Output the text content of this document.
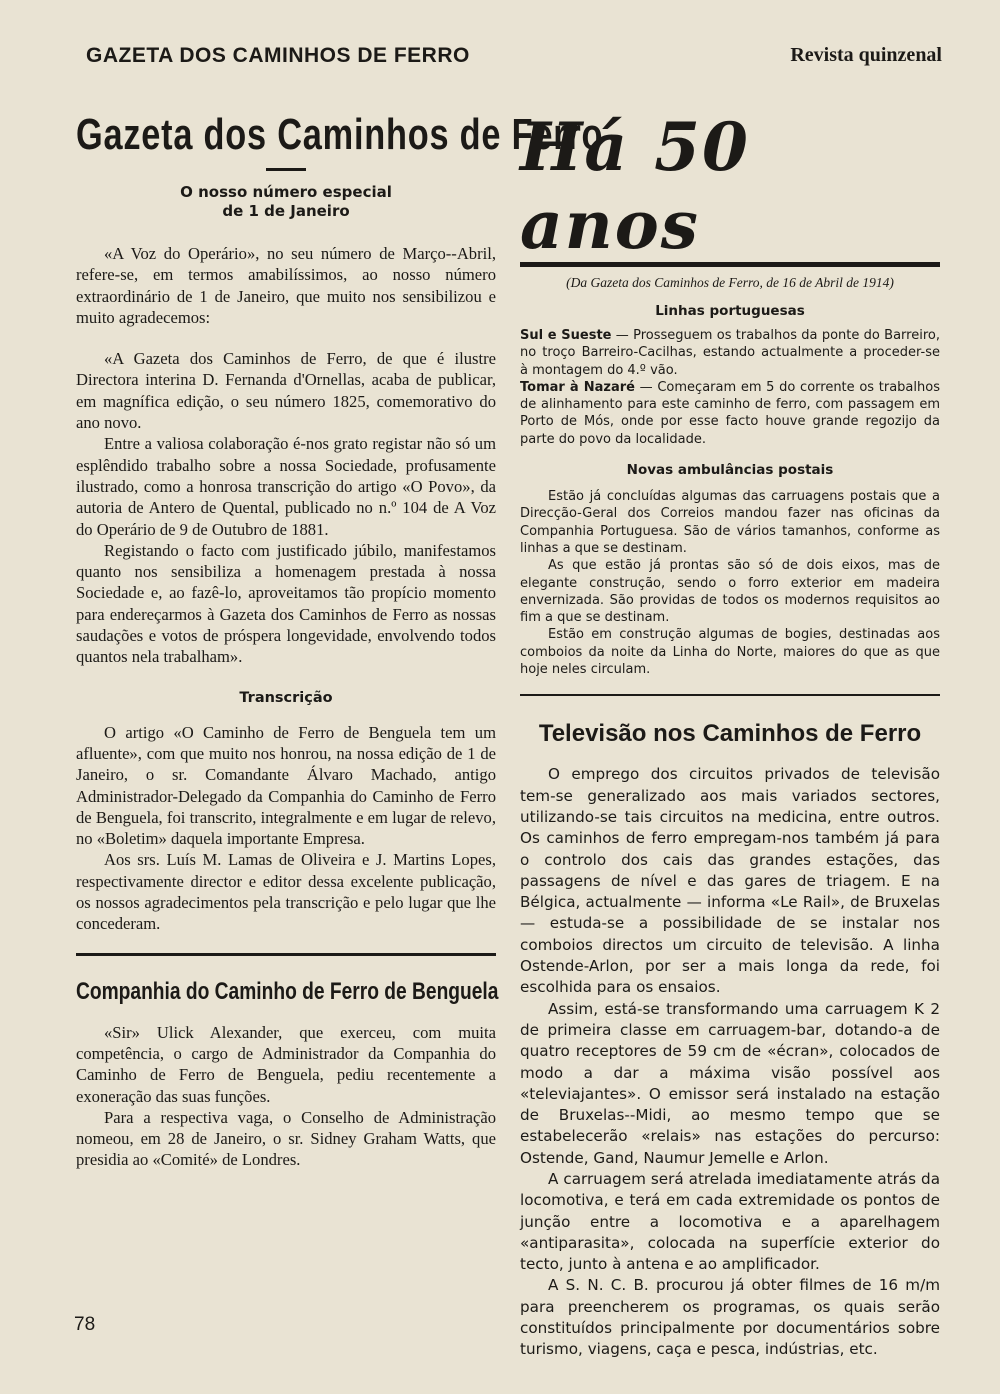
GAZETA DOS CAMINHOS DE FERRO	Revista quinzenal
Gazeta dos Caminhos de Ferro
O nosso número especial
de 1 de Janeiro

«A Voz do Operário», no seu número de Março--Abril, refere-se, em termos amabilíssimos, ao nosso número extraordinário de 1 de Janeiro, que muito nos sensibilizou e muito agradecemos:

«A Gazeta dos Caminhos de Ferro, de que é ilustre Directora interina D. Fernanda d'Ornellas, acaba de publicar, em magnífica edição, o seu número 1825, comemorativo do ano novo.

Entre a valiosa colaboração é-nos grato registar não só um esplêndido trabalho sobre a nossa Sociedade, profusamente ilustrado, como a honrosa transcrição do artigo «O Povo», da autoria de Antero de Quental, publicado no n.º 104 de A Voz do Operário de 9 de Outubro de 1881.

Registando o facto com justificado júbilo, manifestamos quanto nos sensibiliza a homenagem prestada à nossa Sociedade e, ao fazê-lo, aproveitamos tão propício momento para endereçarmos à Gazeta dos Caminhos de Ferro as nossas saudações e votos de próspera longevidade, envolvendo todos quantos nela trabalham».

Transcrição

O artigo «O Caminho de Ferro de Benguela tem um afluente», com que muito nos honrou, na nossa edição de 1 de Janeiro, o sr. Comandante Álvaro Machado, antigo Administrador-Delegado da Companhia do Caminho de Ferro de Benguela, foi transcrito, integralmente e em lugar de relevo, no «Boletim» daquela importante Empresa.

Aos srs. Luís M. Lamas de Oliveira e J. Martins Lopes, respectivamente director e editor dessa excelente publicação, os nossos agradecimentos pela transcrição e pelo lugar que lhe concederam.

Companhia do Caminho de Ferro de Benguela

«Sir» Ulick Alexander, que exerceu, com muita competência, o cargo de Administrador da Companhia do Caminho de Ferro de Benguela, pediu recentemente a exoneração das suas funções.

Para a respectiva vaga, o Conselho de Administração nomeou, em 28 de Janeiro, o sr. Sidney Graham Watts, que presidia ao «Comité» de Londres.

Há 50 anos
(Da Gazeta dos Caminhos de Ferro, de 16 de Abril de 1914)
Linhas portuguesas

Sul e Sueste — Prosseguem os trabalhos da ponte do Barreiro, no troço Barreiro-Cacilhas, estando actualmente a proceder-se à montagem do 4.º vão.

Tomar à Nazaré — Começaram em 5 do corrente os trabalhos de alinhamento para este caminho de ferro, com passagem em Porto de Mós, onde por esse facto houve grande regozijo da parte do povo da localidade.

Novas ambulâncias postais

Estão já concluídas algumas das carruagens postais que a Direcção-Geral dos Correios mandou fazer nas oficinas da Companhia Portuguesa. São de vários tamanhos, conforme as linhas a que se destinam.

As que estão já prontas são só de dois eixos, mas de elegante construção, sendo o forro exterior em madeira envernizada. São providas de todos os modernos requisitos ao fim a que se destinam.

Estão em construção algumas de bogies, destinadas aos comboios da noite da Linha do Norte, maiores do que as que hoje neles circulam.

Televisão nos Caminhos de Ferro

O emprego dos circuitos privados de televisão tem-se generalizado aos mais variados sectores, utilizando-se tais circuitos na medicina, entre outros. Os caminhos de ferro empregam-nos também já para o controlo dos cais das grandes estações, das passagens de nível e das gares de triagem. E na Bélgica, actualmente — informa «Le Rail», de Bruxelas — estuda-se a possibilidade de se instalar nos comboios directos um circuito de televisão. A linha Ostende-Arlon, por ser a mais longa da rede, foi escolhida para os ensaios.

Assim, está-se transformando uma carruagem K 2 de primeira classe em carruagem-bar, dotando-a de quatro receptores de 59 cm de «écran», colocados de modo a dar a máxima visão possível aos «televiajantes». O emissor será instalado na estação de Bruxelas--Midi, ao mesmo tempo que se estabelecerão «relais» nas estações do percurso: Ostende, Gand, Naumur Jemelle e Arlon.

A carruagem será atrelada imediatamente atrás da locomotiva, e terá em cada extremidade os pontos de junção entre a locomotiva e a aparelhagem «antiparasita», colocada na superfície exterior do tecto, junto à antena e ao amplificador.

A S. N. C. B. procurou já obter filmes de 16 m/m para preencherem os programas, os quais serão constituídos principalmente por documentários sobre turismo, viagens, caça e pesca, indústrias, etc.

78
